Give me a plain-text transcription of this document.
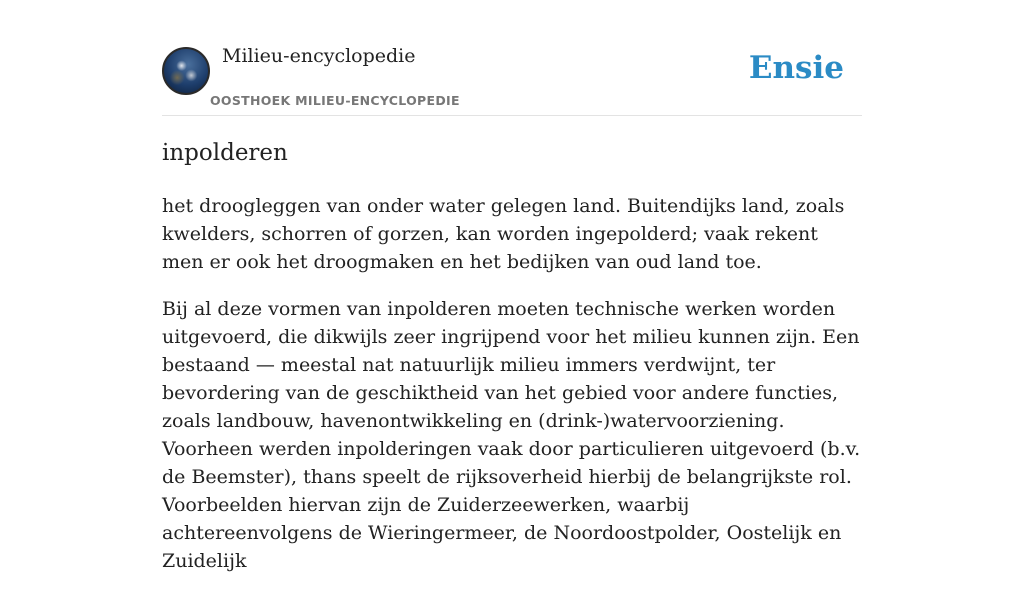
Milieu-encyclopedie
OOSTHOEK MILIEU-ENCYCLOPEDIE
Ensie
inpolderen

het droogleggen van onder water gelegen land. Buitendijks land, zoals kwelders, schorren of gorzen, kan worden ingepolderd; vaak rekent men er ook het droogmaken en het bedijken van oud land toe.

Bij al deze vormen van inpolderen moeten technische werken worden uitgevoerd, die dikwijls zeer ingrijpend voor het milieu kunnen zijn. Een bestaand — meestal nat natuurlijk milieu immers verdwijnt, ter bevordering van de geschiktheid van het gebied voor andere functies, zoals landbouw, havenontwikkeling en (drink-)watervoorziening. Voorheen werden inpolderingen vaak door particulieren uitgevoerd (b.v. de Beemster), thans speelt de rijksoverheid hierbij de belangrijkste rol. Voorbeelden hiervan zijn de Zuiderzeewerken, waarbij achtereenvolgens de Wieringermeer, de Noordoostpolder, Oostelijk en Zuidelijk
